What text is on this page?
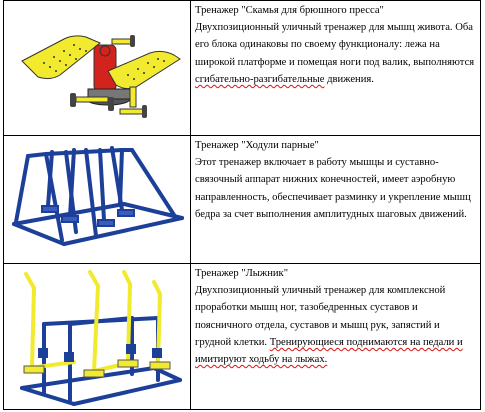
Тренажер "Скамья для брюшного пресса"
Двухпозиционный уличный тренажер для мышц живота. Оба его блока одинаковы по своему функционалу: лежа на широкой платформе и помещая ноги под валик, выполняются сгибательно-разгибательные движения.

Тренажер "Ходули парные"
Этот тренажер включает в работу мышцы и суставно-связочный аппарат нижних конечностей, имеет аэробную направленность, обеспечивает разминку и укрепление мышц бедра за счет выполнения амплитудных шаговых движений.

Тренажер "Лыжник"
Двухпозиционный уличный тренажер для комплексной проработки мышц ног, тазобедренных суставов и поясничного отдела, суставов и мышц рук, запястий и грудной клетки. Тренирующиеся поднимаются на педали и имитируют ходьбу на лыжах.
